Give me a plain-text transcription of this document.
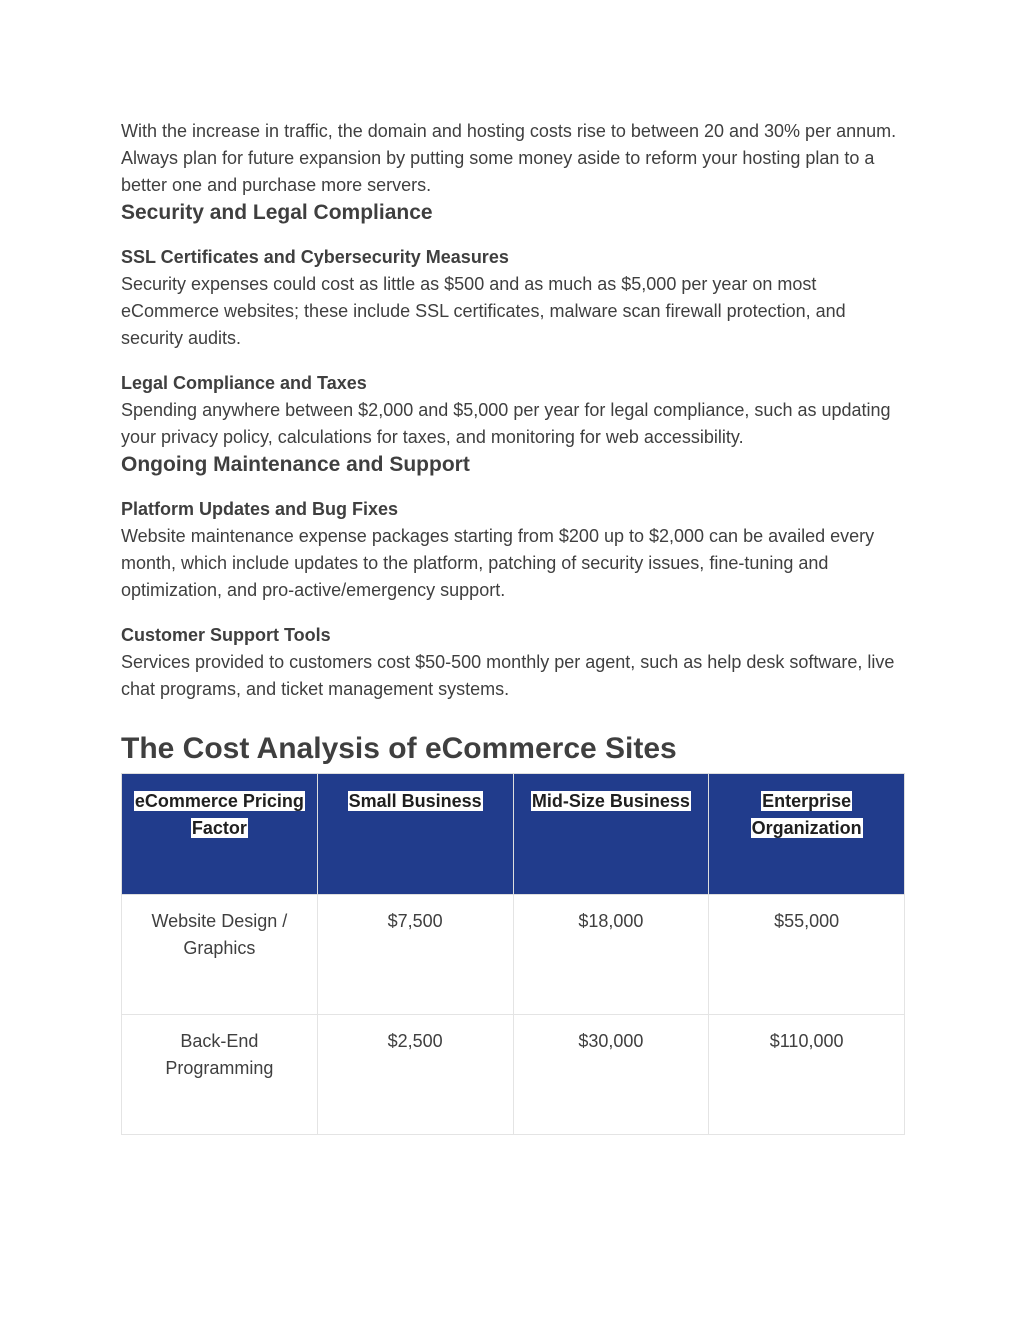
With the increase in traffic, the domain and hosting costs rise to between 20 and 30% per annum. Always plan for future expansion by putting some money aside to reform your hosting plan to a better one and purchase more servers.

Security and Legal Compliance
SSL Certificates and Cybersecurity Measures

Security expenses could cost as little as $500 and as much as $5,000 per year on most eCommerce websites; these include SSL certificates, malware scan firewall protection, and security audits.

Legal Compliance and Taxes

Spending anywhere between $2,000 and $5,000 per year for legal compliance, such as updating your privacy policy, calculations for taxes, and monitoring for web accessibility.

Ongoing Maintenance and Support
Platform Updates and Bug Fixes

Website maintenance expense packages starting from $200 up to $2,000 can be availed every month, which include updates to the platform, patching of security issues, fine-tuning and optimization, and pro-active/emergency support.

Customer Support Tools

Services provided to customers cost $50-500 monthly per agent, such as help desk software, live chat programs, and ticket management systems.

The Cost Analysis of eCommerce Sites
eCommerce Pricing Factor	Small Business	Mid-Size Business	Enterprise Organization
Website Design / Graphics	$7,500	$18,000	$55,000
Back-End Programming	$2,500	$30,000	$110,000
